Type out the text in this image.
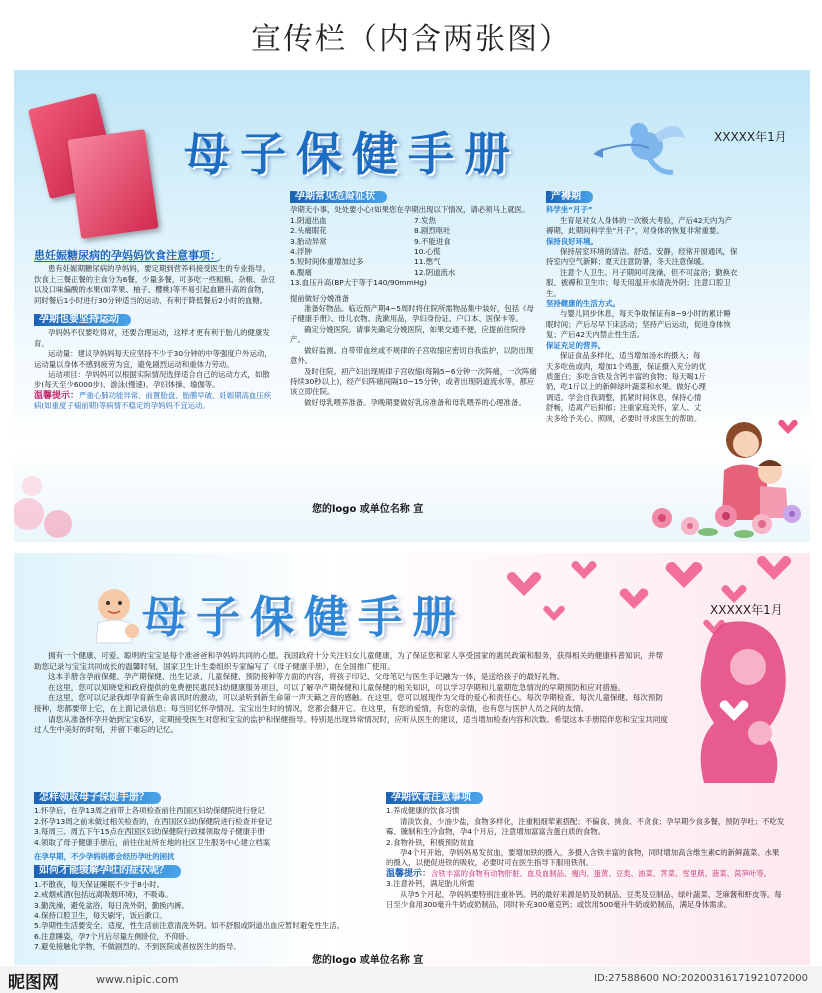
宣传栏（内含两张图）
母子保健手册	XXXXX年1月
患妊娠糖尿病的孕妈妈饮食注意事项：
患有妊娠期糖尿病的孕妈妈，要定期到营养科接受医生的专业指导。饮食上三餐正餐的主食分为6餐，少量多餐，可多吃一些粗粮、杂粮、杂豆以及口味偏酸的水果(如苹果、柚子、樱桃)等不易引起血糖升高的食物，同时餐后1小时进行30分钟适当的运动，有利于降低餐后2小时的血糖。
孕期也要坚持运动
孕妈妈不仅要吃得对，还要合理运动，这样才更有利于胎儿的健康发育。
运动量：建议孕妈妈每天应坚持不少于30分钟的中等强度户外运动，运动量以身体不感到疲劳为宜，避免剧烈运动和重体力劳动。
运动项目：孕妈妈可以根据实际情况选择适合自己的运动方式，如散步(每天至少6000步)、游泳(慢速)、孕妇体操、瑜伽等。
温馨提示：严重心肺功能异常、前置胎盘、胎膜早破、妊娠期高血压疾病(如重度子痫前期)等病情不稳定的孕妈妈不宜运动。
孕期常见危险征状
孕期无小事，处处要小心!如果您在孕期出现以下情况，请必须马上就医。
1.阴道出血	7.发热
2.头痛眼花	8.剧烈呕吐
3.胎动异常	9.不能进食
4.浮肿	10.心慌
5.短时间体重增加过多	11.憋气
6.腹痛	12.阴道流水
13.血压升高(BP大于等于140/90mmHg)
提前做好分娩准备
准备好物品。临近预产期4~5周时将住院所需物品集中装好，包括《母子健康手册》、母儿衣物、洗漱用品，孕妇身份证、户口本、医保卡等。
确定分娩医院。请事先确定分娩医院，如果交通不便，应提前住院待产。
做好监测。自带带血丝或不规律的子宫收缩应密切自我监护，以防出现意外。
及时住院。初产妇出现规律子宫收缩(每隔5~6分钟一次阵痛，一次阵痛持续30秒以上)，经产妇阵痛间隔10~15分钟，或者出现阴道流水等，都应该立即住院。
做好母乳喂养准备。孕晚期要做好乳房准备和母乳喂养的心理准备。
产褥期
科学坐“月子”
生育是对女人身体的一次极大考验，产后42天内为产褥期，此期间科学坐“月子”，对身体的恢复非常重要。
保持良好环境。
保持居室环境的清洁、舒适、安静，经常开窗通风，保持室内空气新鲜；夏天注意防暑，冬天注意保暖。
注意个人卫生。月子期间可洗澡，但不可盆浴；勤换衣服、被褥和卫生巾；每天用温开水清洗外阴；注意口腔卫生。
坚持健康的生活方式。
与婴儿同步休息，每天争取保证有8~9小时的累计睡眠时间；产后尽早下床活动；坚持产后运动，促进身体恢复；产后42天内禁止性生活。
保证充足的营养。
保证食品多样化，适当增加汤水的摄入；每天多吃鱼或肉，增加1个鸡蛋，保证摄入充分的优质蛋白；多吃含铁及含钙丰富的食物；每天喝1斤奶，吃1斤以上的新鲜绿叶蔬菜和水果。做好心理调适。学会自我调整，抓紧时间休息，保持心情舒畅，适离产后抑郁；注重家庭关怀，家人、丈夫多给予关心、照顾，必要时寻求医生的帮助。
您的logo 或单位名称 宣
母子保健手册	XXXXX年1月
拥有一个健康、可爱、聪明的宝宝是每个准爸爸和孕妈妈共同的心愿。我国政府十分关注妇女儿童健康，为了保证您和家人享受国家的惠民政策和服务，获得相关的健康科普知识，并帮助您记录与宝宝共同成长的温馨时刻，国家卫生计生委组织专家编写了《母子健康手册》，在全国推广使用。
这本手册含孕前保健、孕产期保健、出生记录、儿童保健、预防接种等方面的内容，将孩子印记、父母笔记与医生手记融为一体，是送给孩子的最好礼物。
在这里，您可以知晓党和政府提供的免费便民惠民妇幼健康服务项目，可以了解孕产期保健和儿童保健的相关知识，可以学习孕期和儿童期危急情况的早期预防和应对措施。
在这里，您可以记录我却孕育新生命喜讯时的激动，可以录听到新生命第一声天籁之音的感触。在这里，您可以展现作为父母的爱心和责任心。每次孕期检查、每次儿童保健、每次预防接种，您都要带上它，在上面记录信息；每当回忆怀孕情况、宝宝出生时的情况，您都会翻开它。在这里，有您的爱情，有您的亲情，也有您与医护人员之间的友情。
请您从准备怀孕开始到宝宝6岁，定期接受医生对您和宝宝的监护和保健指导。特别是出现异常情况时，应听从医生的建议，适当增加检查内容和次数。希望这本手册陪伴您和宝宝共同度过人生中美好的时刻，并留下难忘的记忆。
怎样领取母子保健手册？
1.怀孕后，在孕13周之前带上各项检查前往西国区妇幼保健院进行登记
2.怀孕13周之前未做过相关检查的，在西国区妇幼保健院进行检查并登记
3.每周三、周五下午15点在西国区妇幼保健院行政楼领取母子健康手册
4.领取了母子健康手册后，前往住址所在地的社区卫生服务中心建立档案
在孕早期，不少孕妈妈都会经历孕吐的困扰
如何才能缓解孕吐的症状呢？
1.不散夜，每天保证睡眠不少于8小时。
2.戒烟戒酒(包括远离吸烟环境)，不吸毒。
3.勤洗澡，避免盆浴，每日洗外阴，勤换内裤。
4.保持口腔卫生，每天刷牙，饭后漱口。
5.孕期性生活要安全、适度，性生活前注意清洗外阴。如不舒服或阴道出血应暂时避免性生活。
6.注意睡姿，孕7个月后尽量左侧卧位，不仰卧。
7.避免接触化学物，不做剧烈的、不到医院或者按医生的指导。
孕期饮食注意事项
1.养成健康的饮食习惯
清淡饮食，少油少盐，食物多样化，注重粗细荤素搭配；不偏食、挑食、不贪食；孕早期少食多餐，预防孕吐；不吃发霉、腌制和生冷食物，孕4个月后，注意增加富富含蛋白质的食物。
2.食物补铁，积极预防贫血
孕4个月开始，孕妈妈易发贫血，要增加铁的摄入，多摄入含铁丰富的食物，同时增加高含维生素C的新鲜蔬菜、水果的摄入，以便促进铁的吸收，必要时可在医生指导下服用铁剂。
温馨提示：含铁丰富的食物有动物肝脏、血及血制品、瘦肉、蛋黄、豆类、油菜、荠菜、雪里蕻、菠菜、莴笋叶等。
3.注意补钙，满足胎儿所需
从孕5个月起，孕妈妈要特别注重补钙。钙的最好来源是奶及奶制品、豆类及豆制品、绿叶蔬菜、芝麻酱和虾皮等。每日至少食用300毫升牛奶或奶制品，同时补充300毫克钙；或饮用500毫升牛奶或奶制品，满足身体需求。
您的logo 或单位名称 宣
昵图网	www.nipic.com	ID:27588600 NO:20200316171921072000
